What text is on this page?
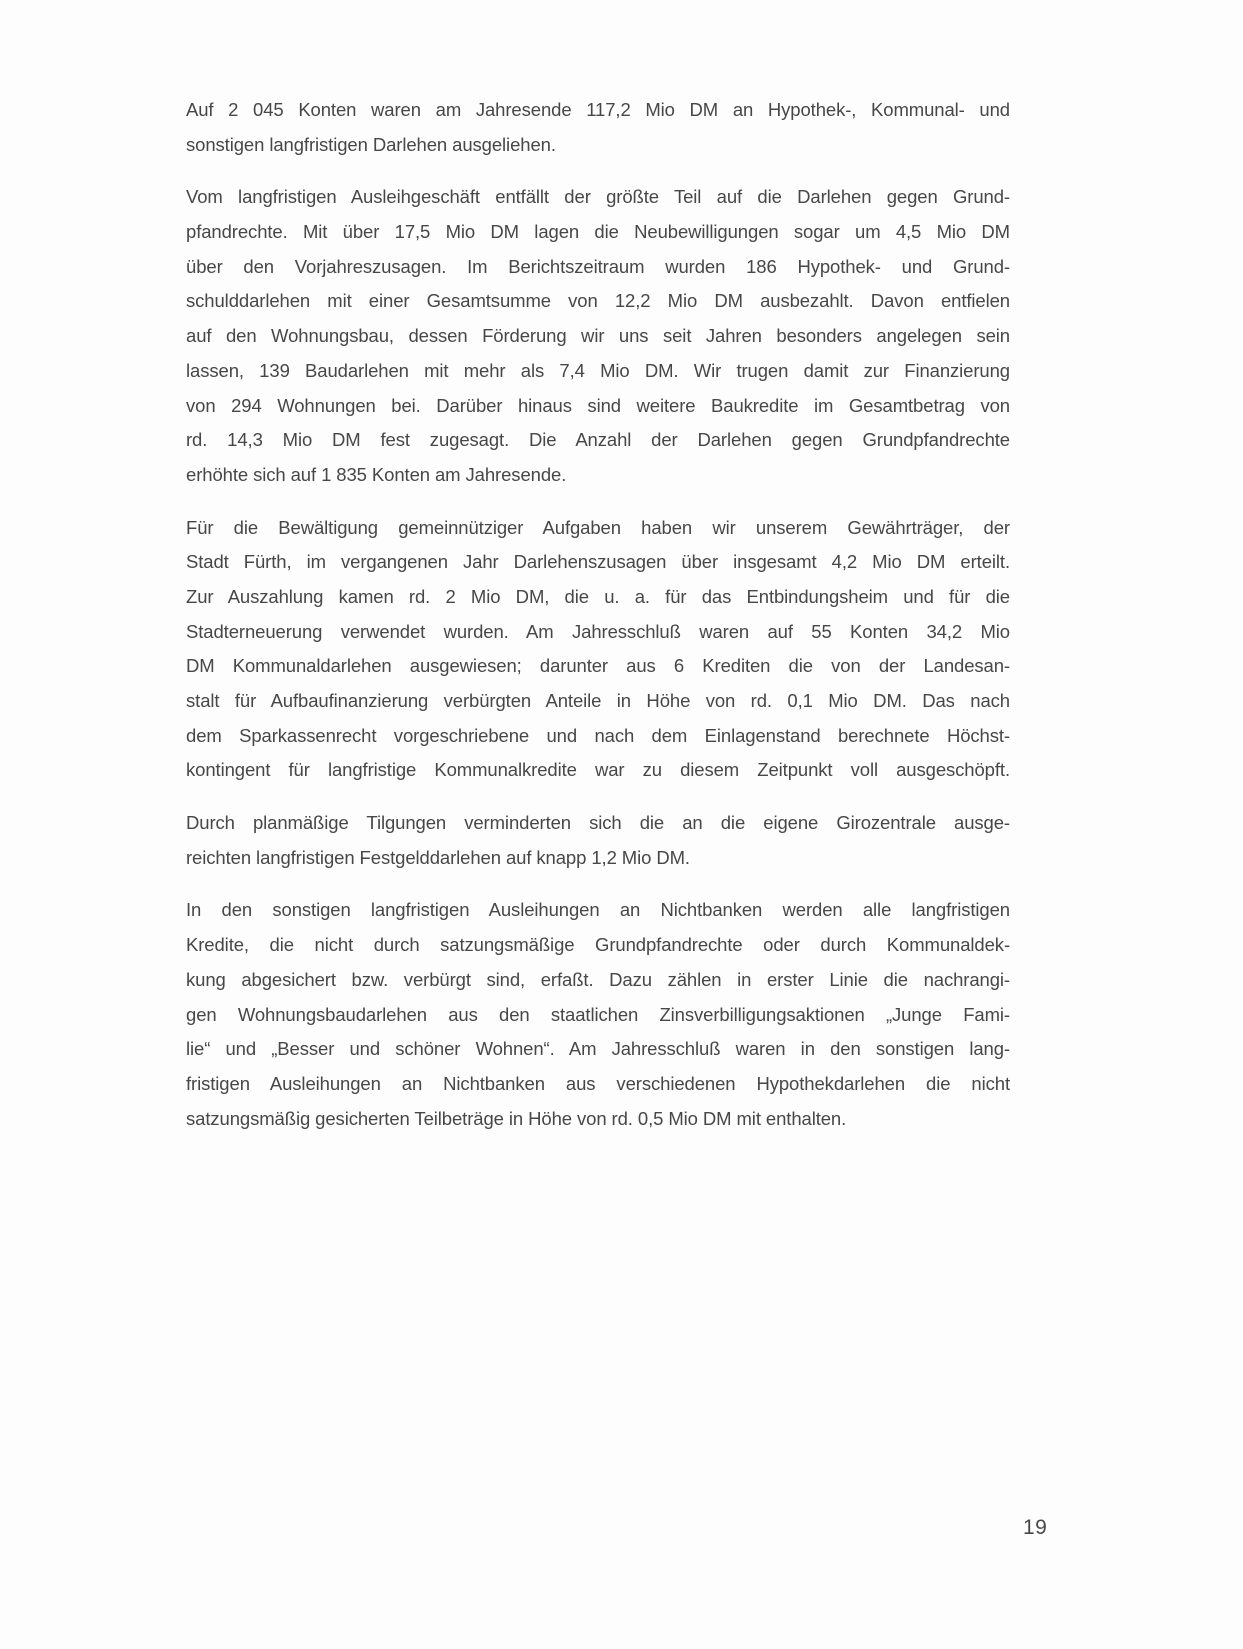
Auf 2 045 Konten waren am Jahresende 117,2 Mio DM an Hypothek-, Kommunal- und
sonstigen langfristigen Darlehen ausgeliehen.
Vom langfristigen Ausleihgeschäft entfällt der größte Teil auf die Darlehen gegen Grund-
pfandrechte. Mit über 17,5 Mio DM lagen die Neubewilligungen sogar um 4,5 Mio DM
über den Vorjahreszusagen. Im Berichtszeitraum wurden 186 Hypothek- und Grund-
schulddarlehen mit einer Gesamtsumme von 12,2 Mio DM ausbezahlt. Davon entfielen
auf den Wohnungsbau, dessen Förderung wir uns seit Jahren besonders angelegen sein
lassen, 139 Baudarlehen mit mehr als 7,4 Mio DM. Wir trugen damit zur Finanzierung
von 294 Wohnungen bei. Darüber hinaus sind weitere Baukredite im Gesamtbetrag von
rd. 14,3 Mio DM fest zugesagt. Die Anzahl der Darlehen gegen Grundpfandrechte
erhöhte sich auf 1 835 Konten am Jahresende.
Für die Bewältigung gemeinnütziger Aufgaben haben wir unserem Gewährträger, der
Stadt Fürth, im vergangenen Jahr Darlehenszusagen über insgesamt 4,2 Mio DM erteilt.
Zur Auszahlung kamen rd. 2 Mio DM, die u. a. für das Entbindungsheim und für die
Stadterneuerung verwendet wurden. Am Jahresschluß waren auf 55 Konten 34,2 Mio
DM Kommunaldarlehen ausgewiesen; darunter aus 6 Krediten die von der Landesan-
stalt für Aufbaufinanzierung verbürgten Anteile in Höhe von rd. 0,1 Mio DM. Das nach
dem Sparkassenrecht vorgeschriebene und nach dem Einlagenstand berechnete Höchst-
kontingent für langfristige Kommunalkredite war zu diesem Zeitpunkt voll ausgeschöpft.
Durch planmäßige Tilgungen verminderten sich die an die eigene Girozentrale ausge-
reichten langfristigen Festgelddarlehen auf knapp 1,2 Mio DM.
In den sonstigen langfristigen Ausleihungen an Nichtbanken werden alle langfristigen
Kredite, die nicht durch satzungsmäßige Grundpfandrechte oder durch Kommunaldek-
kung abgesichert bzw. verbürgt sind, erfaßt. Dazu zählen in erster Linie die nachrangi-
gen Wohnungsbaudarlehen aus den staatlichen Zinsverbilligungsaktionen „Junge Fami-
lie“ und „Besser und schöner Wohnen“. Am Jahresschluß waren in den sonstigen lang-
fristigen Ausleihungen an Nichtbanken aus verschiedenen Hypothekdarlehen die nicht
satzungsmäßig gesicherten Teilbeträge in Höhe von rd. 0,5 Mio DM mit enthalten.
19
